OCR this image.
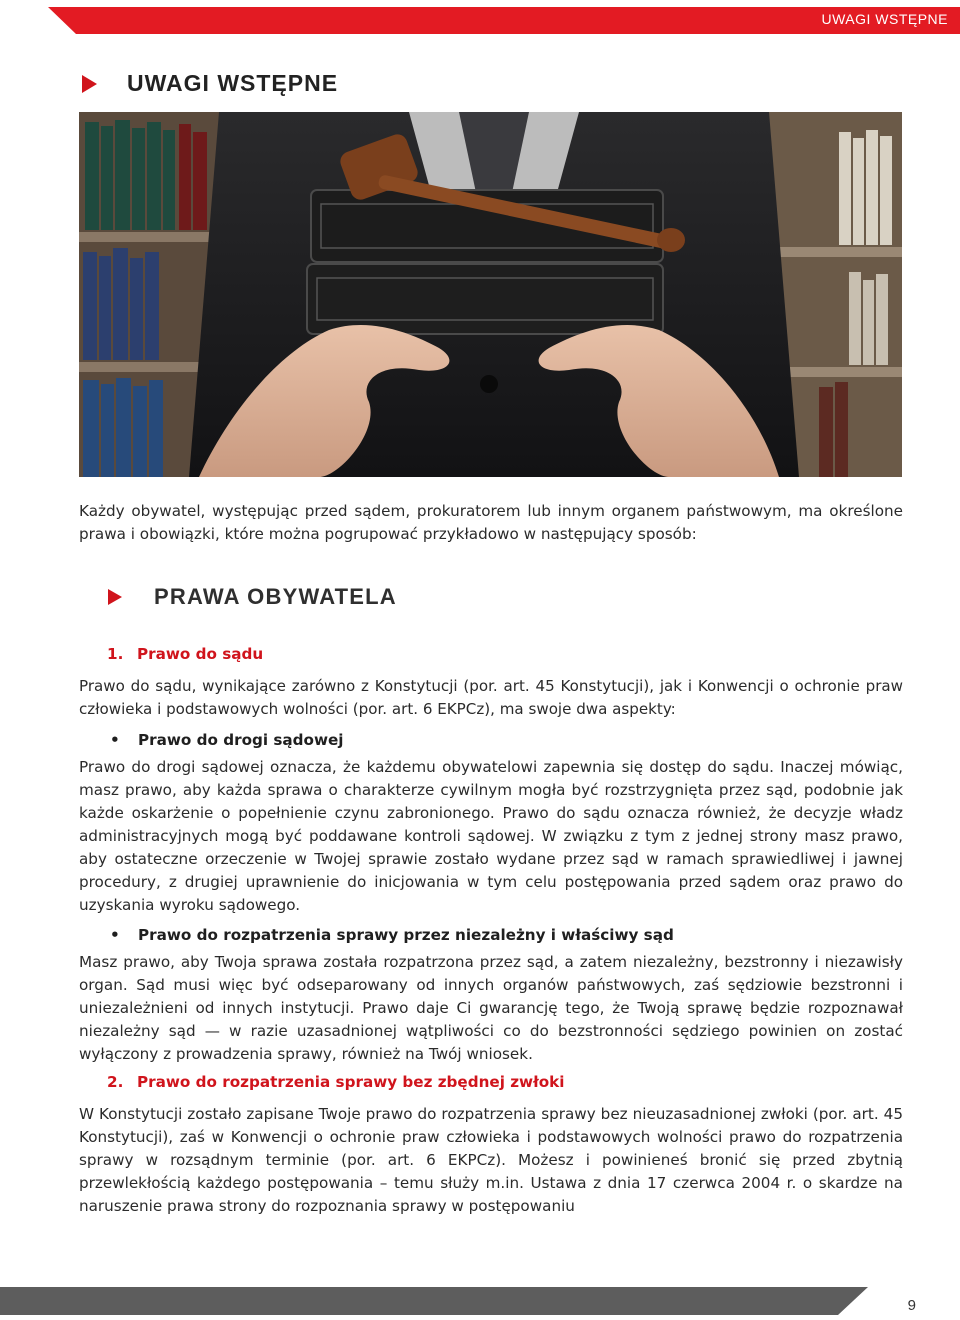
UWAGI WSTĘPNE
UWAGI WSTĘPNE

Każdy obywatel, występując przed sądem, prokuratorem lub innym organem państwowym, ma określone prawa i obowiązki, które można pogrupować przykładowo w następujący sposób:

PRAWA OBYWATELA
1. Prawo do sądu

Prawo do sądu, wynikające zarówno z Konstytucji (por. art. 45 Konstytucji), jak i Konwencji o ochronie praw człowieka i podstawowych wolności (por. art. 6 EKPCz), ma swoje dwa aspekty:

• Prawo do drogi sądowej

Prawo do drogi sądowej oznacza, że każdemu obywatelowi zapewnia się dostęp do sądu. Inaczej mówiąc, masz prawo, aby każda sprawa o charakterze cywilnym mogła być rozstrzygnięta przez sąd, podobnie jak każde oskarżenie o popełnienie czynu zabronionego. Prawo do sądu oznacza również, że decyzje władz administracyjnych mogą być poddawane kontroli sądowej. W związku z tym z jednej strony masz prawo, aby ostateczne orzeczenie w Twojej sprawie zostało wydane przez sąd w ramach sprawiedliwej i jawnej procedury, z drugiej uprawnienie do inicjowania w tym celu postępowania przed sądem oraz prawo do uzyskania wyroku sądowego.

• Prawo do rozpatrzenia sprawy przez niezależny i właściwy sąd

Masz prawo, aby Twoja sprawa została rozpatrzona przez sąd, a zatem niezależny, bezstronny i niezawisły organ. Sąd musi więc być odseparowany od innych organów państwowych, zaś sędziowie bezstronni i uniezależnieni od innych instytucji. Prawo daje Ci gwarancję tego, że Twoją sprawę będzie rozpoznawał niezależny sąd — w razie uzasadnionej wątpliwości co do bezstronności sędziego powinien on zostać wyłączony z prowadzenia sprawy, również na Twój wniosek.

2. Prawo do rozpatrzenia sprawy bez zbędnej zwłoki

W Konstytucji zostało zapisane Twoje prawo do rozpatrzenia sprawy bez nieuzasadnionej zwłoki (por. art. 45 Konstytucji), zaś w Konwencji o ochronie praw człowieka i podstawowych wolności prawo do rozpatrzenia sprawy w rozsądnym terminie (por. art. 6 EKPCz). Możesz i powinieneś bronić się przed zbytnią przewlekłością każdego postępowania – temu służy m.in. Ustawa z dnia 17 czerwca 2004 r. o skardze na naruszenie prawa strony do rozpoznania sprawy w postępowaniu

9
